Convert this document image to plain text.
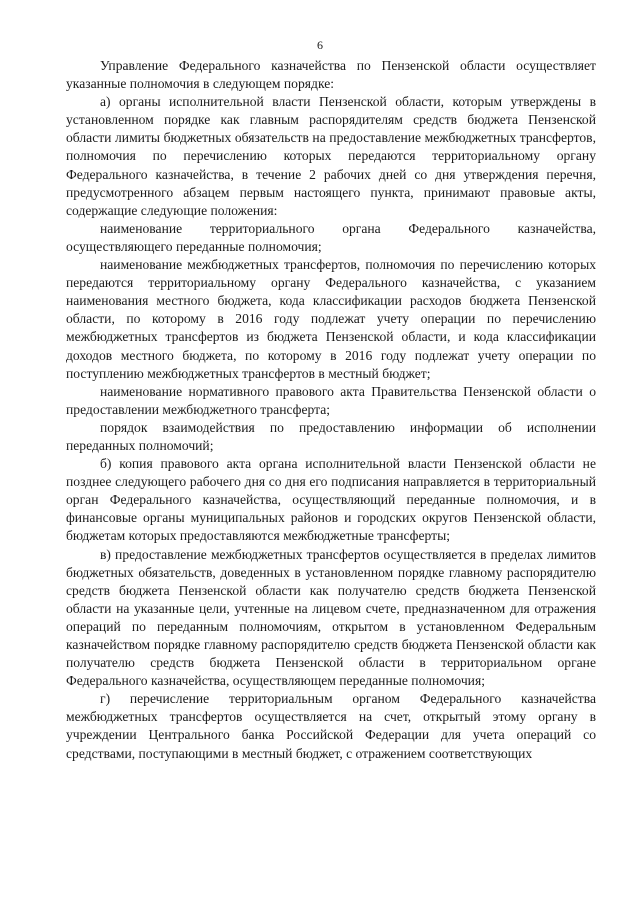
6

Управление Федерального казначейства по Пензенской области осуществляет указанные полномочия в следующем порядке:

а) органы исполнительной власти Пензенской области, которым утверждены в установленном порядке как главным распорядителям средств бюджета Пензенской области лимиты бюджетных обязательств на предоставление межбюджетных трансфертов, полномочия по перечислению которых передаются территориальному органу Федерального казначейства, в течение 2 рабочих дней со дня утверждения перечня, предусмотренного абзацем первым настоящего пункта, принимают правовые акты, содержащие следующие положения:

наименование территориального органа Федерального казначейства, осуществляющего переданные полномочия;

наименование межбюджетных трансфертов, полномочия по перечислению которых передаются территориальному органу Федерального казначейства, с указанием наименования местного бюджета, кода классификации расходов бюджета Пензенской области, по которому в 2016 году подлежат учету операции по перечислению межбюджетных трансфертов из бюджета Пензенской области, и кода классификации доходов местного бюджета, по которому в 2016 году подлежат учету операции по поступлению межбюджетных трансфертов в местный бюджет;

наименование нормативного правового акта Правительства Пензенской области о предоставлении межбюджетного трансферта;

порядок взаимодействия по предоставлению информации об исполнении переданных полномочий;

б) копия правового акта органа исполнительной власти Пензенской области не позднее следующего рабочего дня со дня его подписания направляется в территориальный орган Федерального казначейства, осуществляющий переданные полномочия, и в финансовые органы муниципальных районов и городских округов Пензенской области, бюджетам которых предоставляются межбюджетные трансферты;

в) предоставление межбюджетных трансфертов осуществляется в пределах лимитов бюджетных обязательств, доведенных в установленном порядке главному распорядителю средств бюджета Пензенской области как получателю средств бюджета Пензенской области на указанные цели, учтенные на лицевом счете, предназначенном для отражения операций по переданным полномочиям, открытом в установленном Федеральным казначейством порядке главному распорядителю средств бюджета Пензенской области как получателю средств бюджета Пензенской области в территориальном органе Федерального казначейства, осуществляющем переданные полномочия;

г) перечисление территориальным органом Федерального казначейства межбюджетных трансфертов осуществляется на счет, открытый этому органу в учреждении Центрального банка Российской Федерации для учета операций со средствами, поступающими в местный бюджет, с отражением соответствующих
